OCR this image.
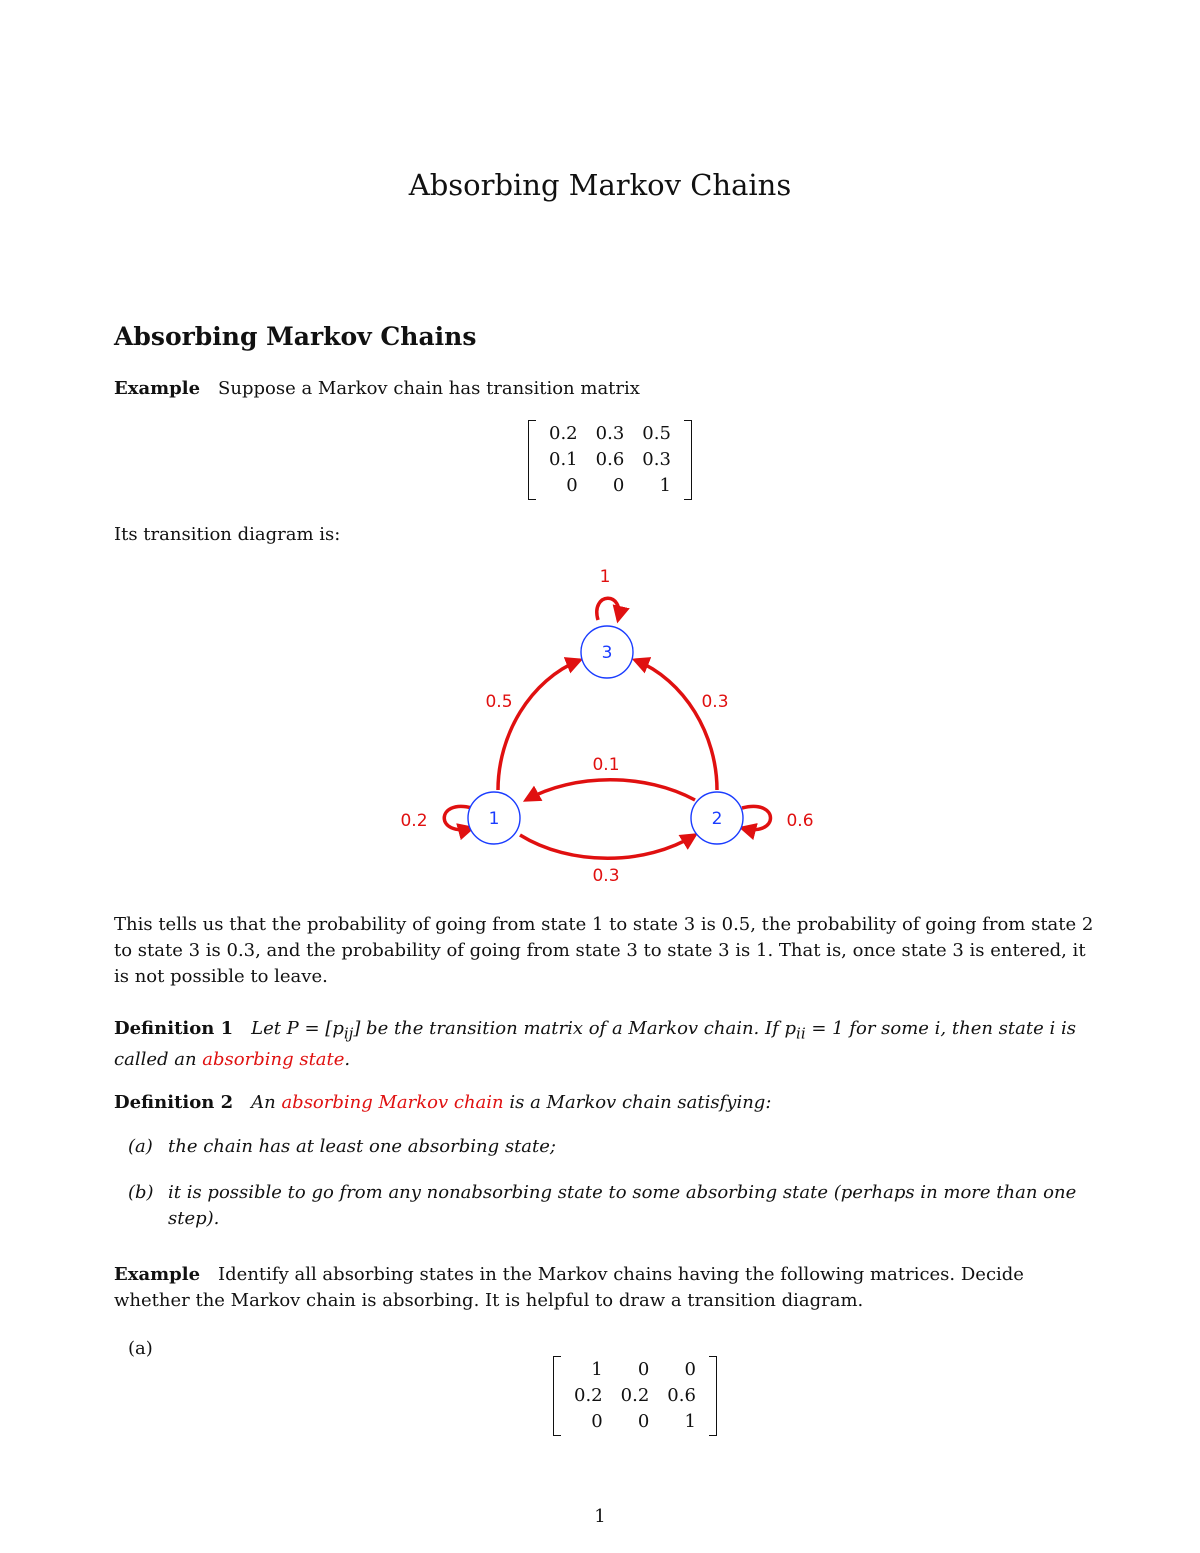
Absorbing Markov Chains
Absorbing Markov Chains
Example Suppose a Markov chain has transition matrix
0.2	0.3	0.5
0.1	0.6	0.3
0	0	1
Its transition diagram is:
3
1	2
1
0.5	0.3
0.1
0.2	0.6
0.3
This tells us that the probability of going from state 1 to state 3 is 0.5, the probability of going from state 2 to state 3 is 0.3, and the probability of going from state 3 to state 3 is 1. That is, once state 3 is entered, it is not possible to leave.
Definition 1 Let $P = [p_{ij}]$ be the transition matrix of a Markov chain. If $p_{ii} = 1$ for some i, then state i is called an absorbing state.
Definition 2 An absorbing Markov chain is a Markov chain satisfying:
(a) the chain has at least one absorbing state;
(b) it is possible to go from any nonabsorbing state to some absorbing state (perhaps in more than one step).
Example Identify all absorbing states in the Markov chains having the following matrices. Decide whether the Markov chain is absorbing. It is helpful to draw a transition diagram.
(a)
1	0	0
0.2	0.2	0.6
0	0	1
1
